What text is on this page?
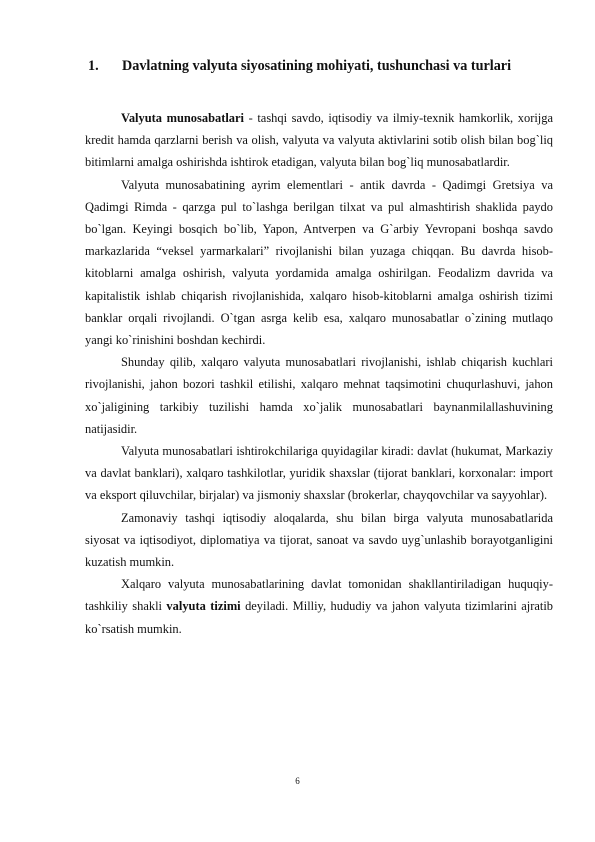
1. Davlatning valyuta siyosatining mohiyati, tushunchasi va turlari

Valyuta munosabatlari - tashqi savdo, iqtisodiy va ilmiy-texnik hamkorlik, xorijga kredit hamda qarzlarni berish va olish, valyuta va valyuta aktivlarini sotib olish bilan bog`liq bitimlarni amalga oshirishda ishtirok etadigan, valyuta bilan bog`liq munosabatlardir.

Valyuta munosabatining ayrim elementlari - antik davrda - Qadimgi Gretsiya va Qadimgi Rimda - qarzga pul to`lashga berilgan tilxat va pul almashtirish shaklida paydo bo`lgan. Keyingi bosqich bo`lib, Yapon, Antverpen va G`arbiy Yevropani boshqa savdo markazlarida “veksel yarmarkalari” rivojlanishi bilan yuzaga chiqqan. Bu davrda hisob-kitoblarni amalga oshirish, valyuta yordamida amalga oshirilgan. Feodalizm davrida va kapitalistik ishlab chiqarish rivojlanishida, xalqaro hisob-kitoblarni amalga oshirish tizimi banklar orqali rivojlandi. O`tgan asrga kelib esa, xalqaro munosabatlar o`zining mutlaqo yangi ko`rinishini boshdan kechirdi.

Shunday qilib, xalqaro valyuta munosabatlari rivojlanishi, ishlab chiqarish kuchlari rivojlanishi, jahon bozori tashkil etilishi, xalqaro mehnat taqsimotini chuqurlashuvi, jahon xo`jaligining tarkibiy tuzilishi hamda xo`jalik munosabatlari baynanmilallashuvining natijasidir.

Valyuta munosabatlari ishtirokchilariga quyidagilar kiradi: davlat (hukumat, Markaziy va davlat banklari), xalqaro tashkilotlar, yuridik shaxslar (tijorat banklari, korxonalar: import va eksport qiluvchilar, birjalar) va jismoniy shaxslar (brokerlar, chayqovchilar va sayyohlar).

Zamonaviy tashqi iqtisodiy aloqalarda, shu bilan birga valyuta munosabatlarida siyosat va iqtisodiyot, diplomatiya va tijorat, sanoat va savdo uyg`unlashib borayotganligini kuzatish mumkin.

Xalqaro valyuta munosabatlarining davlat tomonidan shakllantiriladigan huquqiy-tashkiliy shakli valyuta tizimi deyiladi. Milliy, hududiy va jahon valyuta tizimlarini ajratib ko`rsatish mumkin.

6
